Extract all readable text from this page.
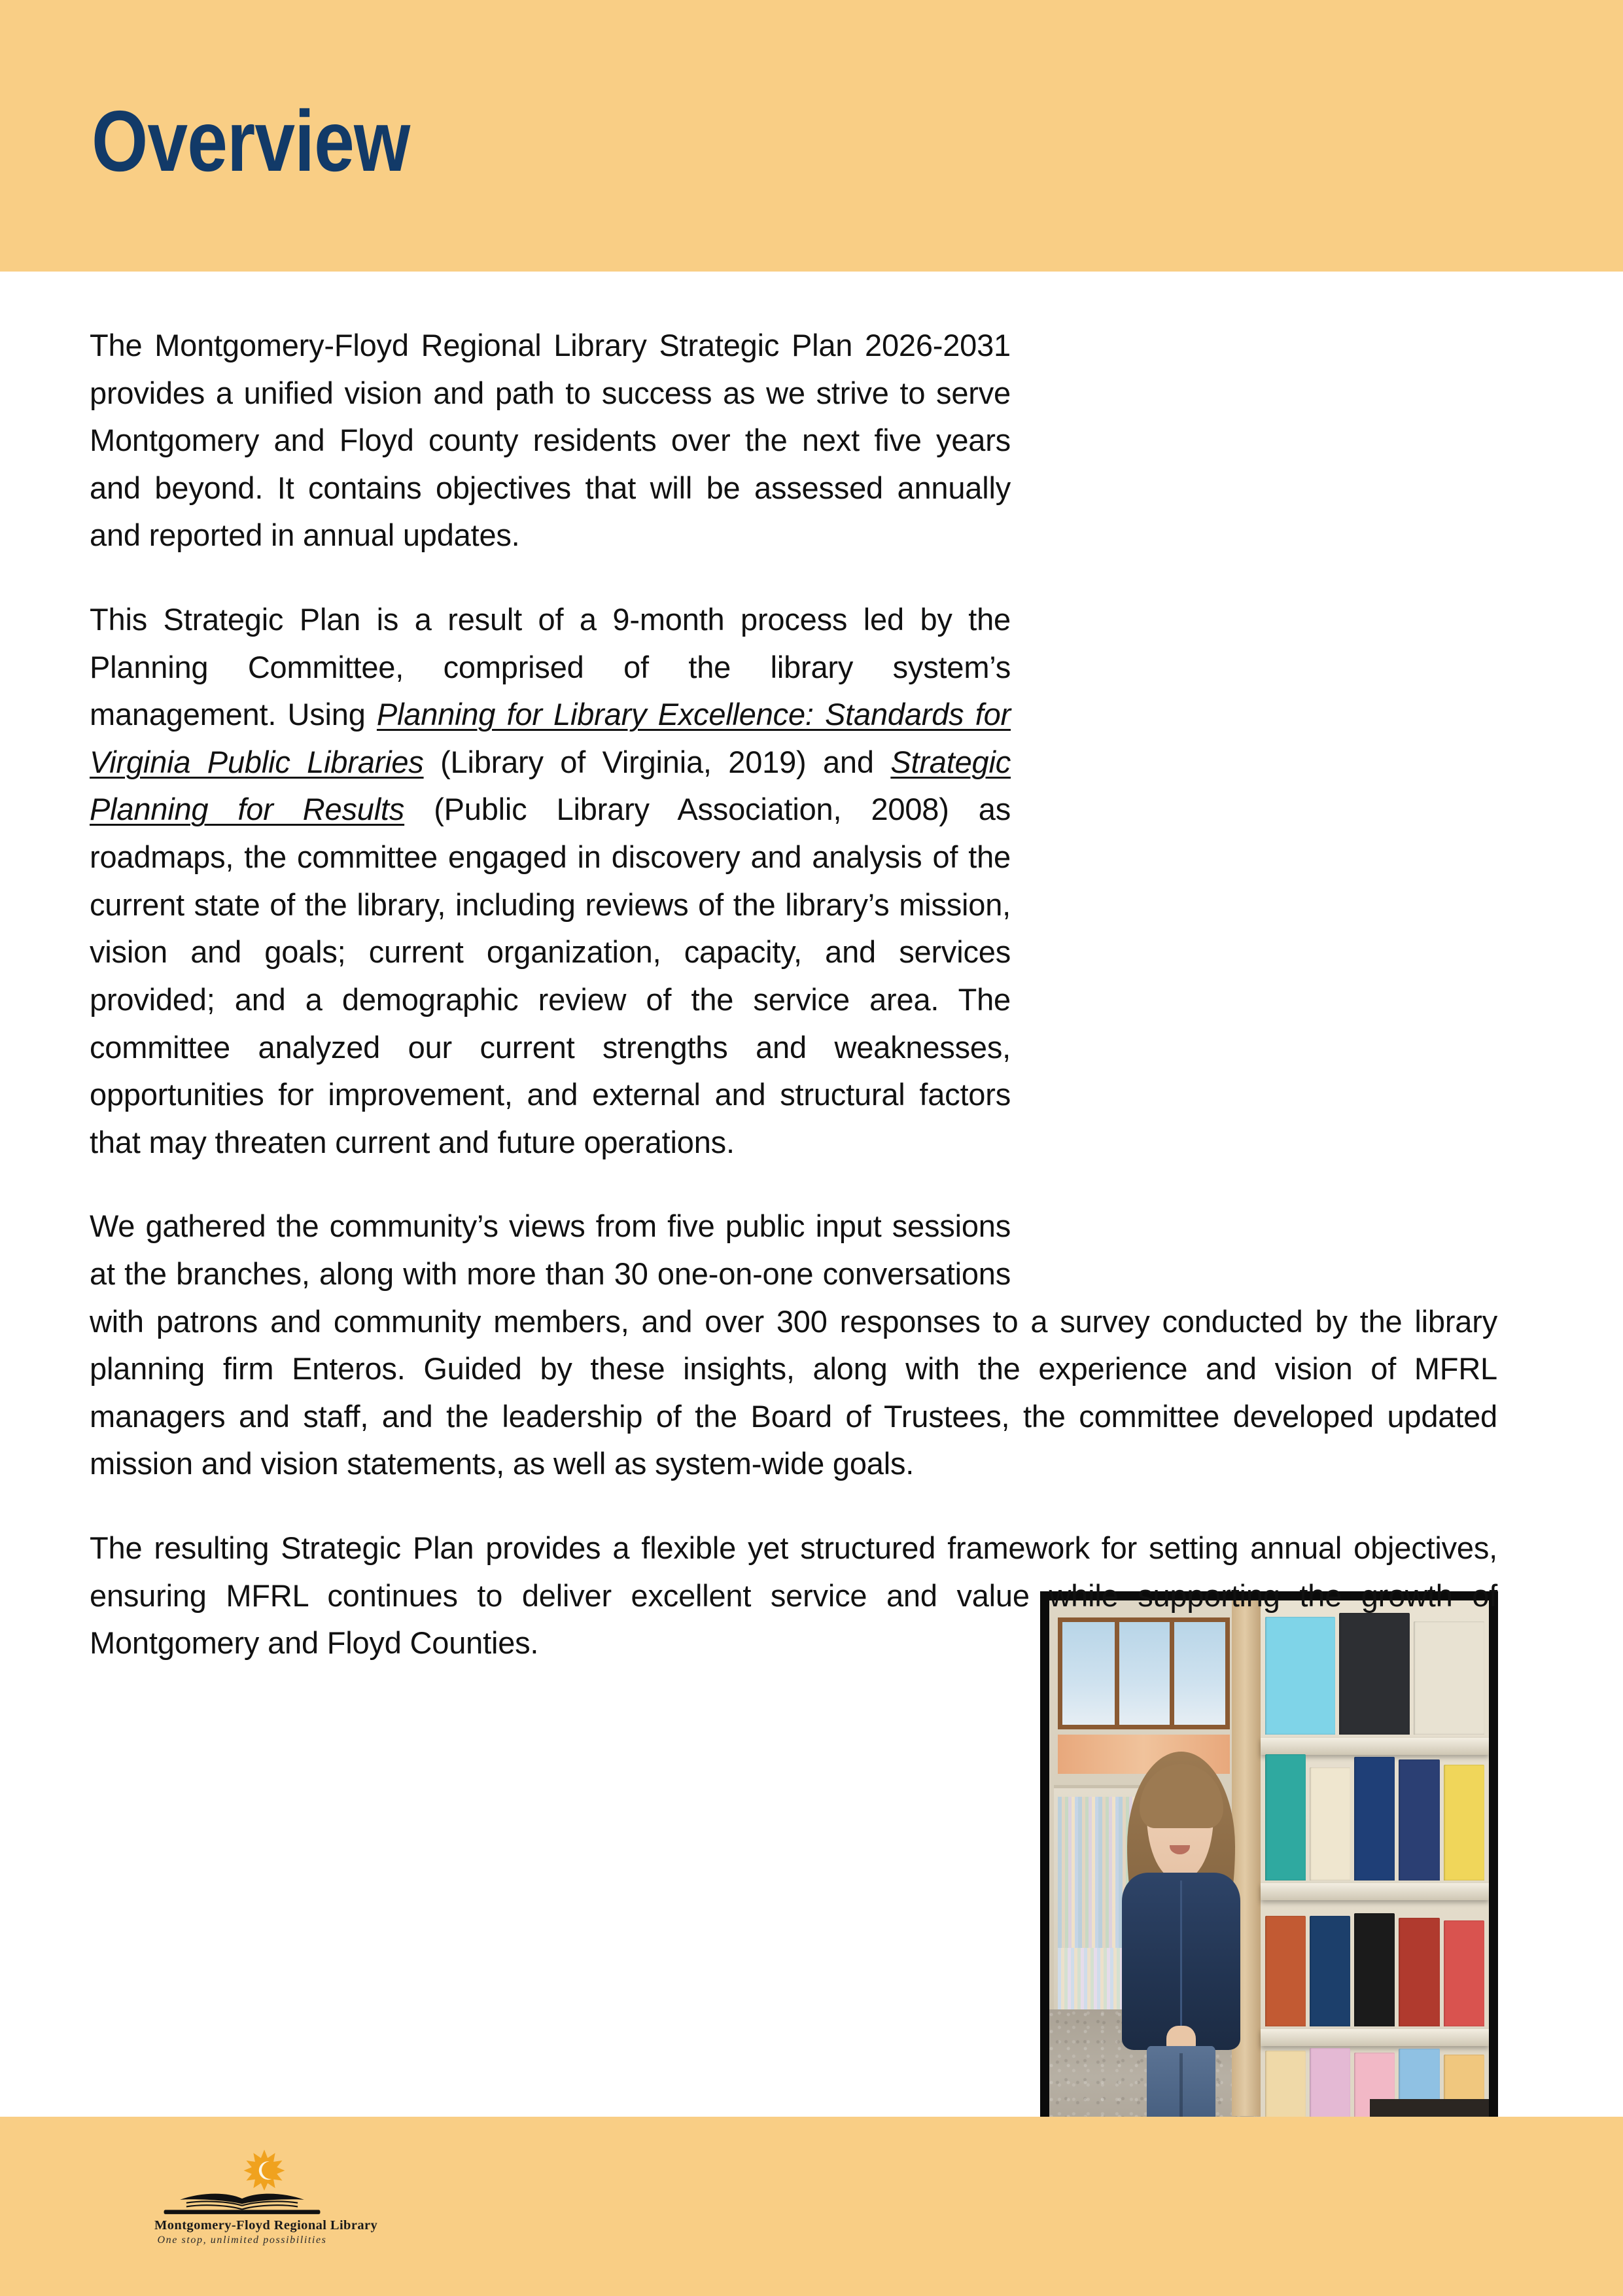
Overview

The Montgomery-Floyd Regional Library Strategic Plan 2026-2031 provides a unified vision and path to success as we strive to serve Montgomery and Floyd county residents over the next five years and beyond. It contains objectives that will be assessed annually and reported in annual updates.

This Strategic Plan is a result of a 9-month process led by the Planning Committee, comprised of the library system’s management. Using Planning for Library Excellence: Standards for Virginia Public Libraries (Library of Virginia, 2019) and Strategic Planning for Results (Public Library Association, 2008) as roadmaps, the committee engaged in discovery and analysis of the current state of the library, including reviews of the library’s mission, vision and goals; current organization, capacity, and services provided; and a demographic review of the service area. The committee analyzed our current strengths and weaknesses, opportunities for improvement, and external and structural factors that may threaten current and future operations.

We gathered the community’s views from five public input sessions at the branches, along with more than 30 one-on-one conversations with patrons and community members, and over 300 responses to a survey conducted by the library planning firm Enteros. Guided by these insights, along with the experience and vision of MFRL managers and staff, and the leadership of the Board of Trustees, the committee developed updated mission and vision statements, as well as system-wide goals.

The resulting Strategic Plan provides a flexible yet structured framework for setting annual objectives, ensuring MFRL continues to deliver excellent service and value while supporting the growth of Montgomery and Floyd Counties.

Montgomery-Floyd Regional Library
One stop, unlimited possibilities
